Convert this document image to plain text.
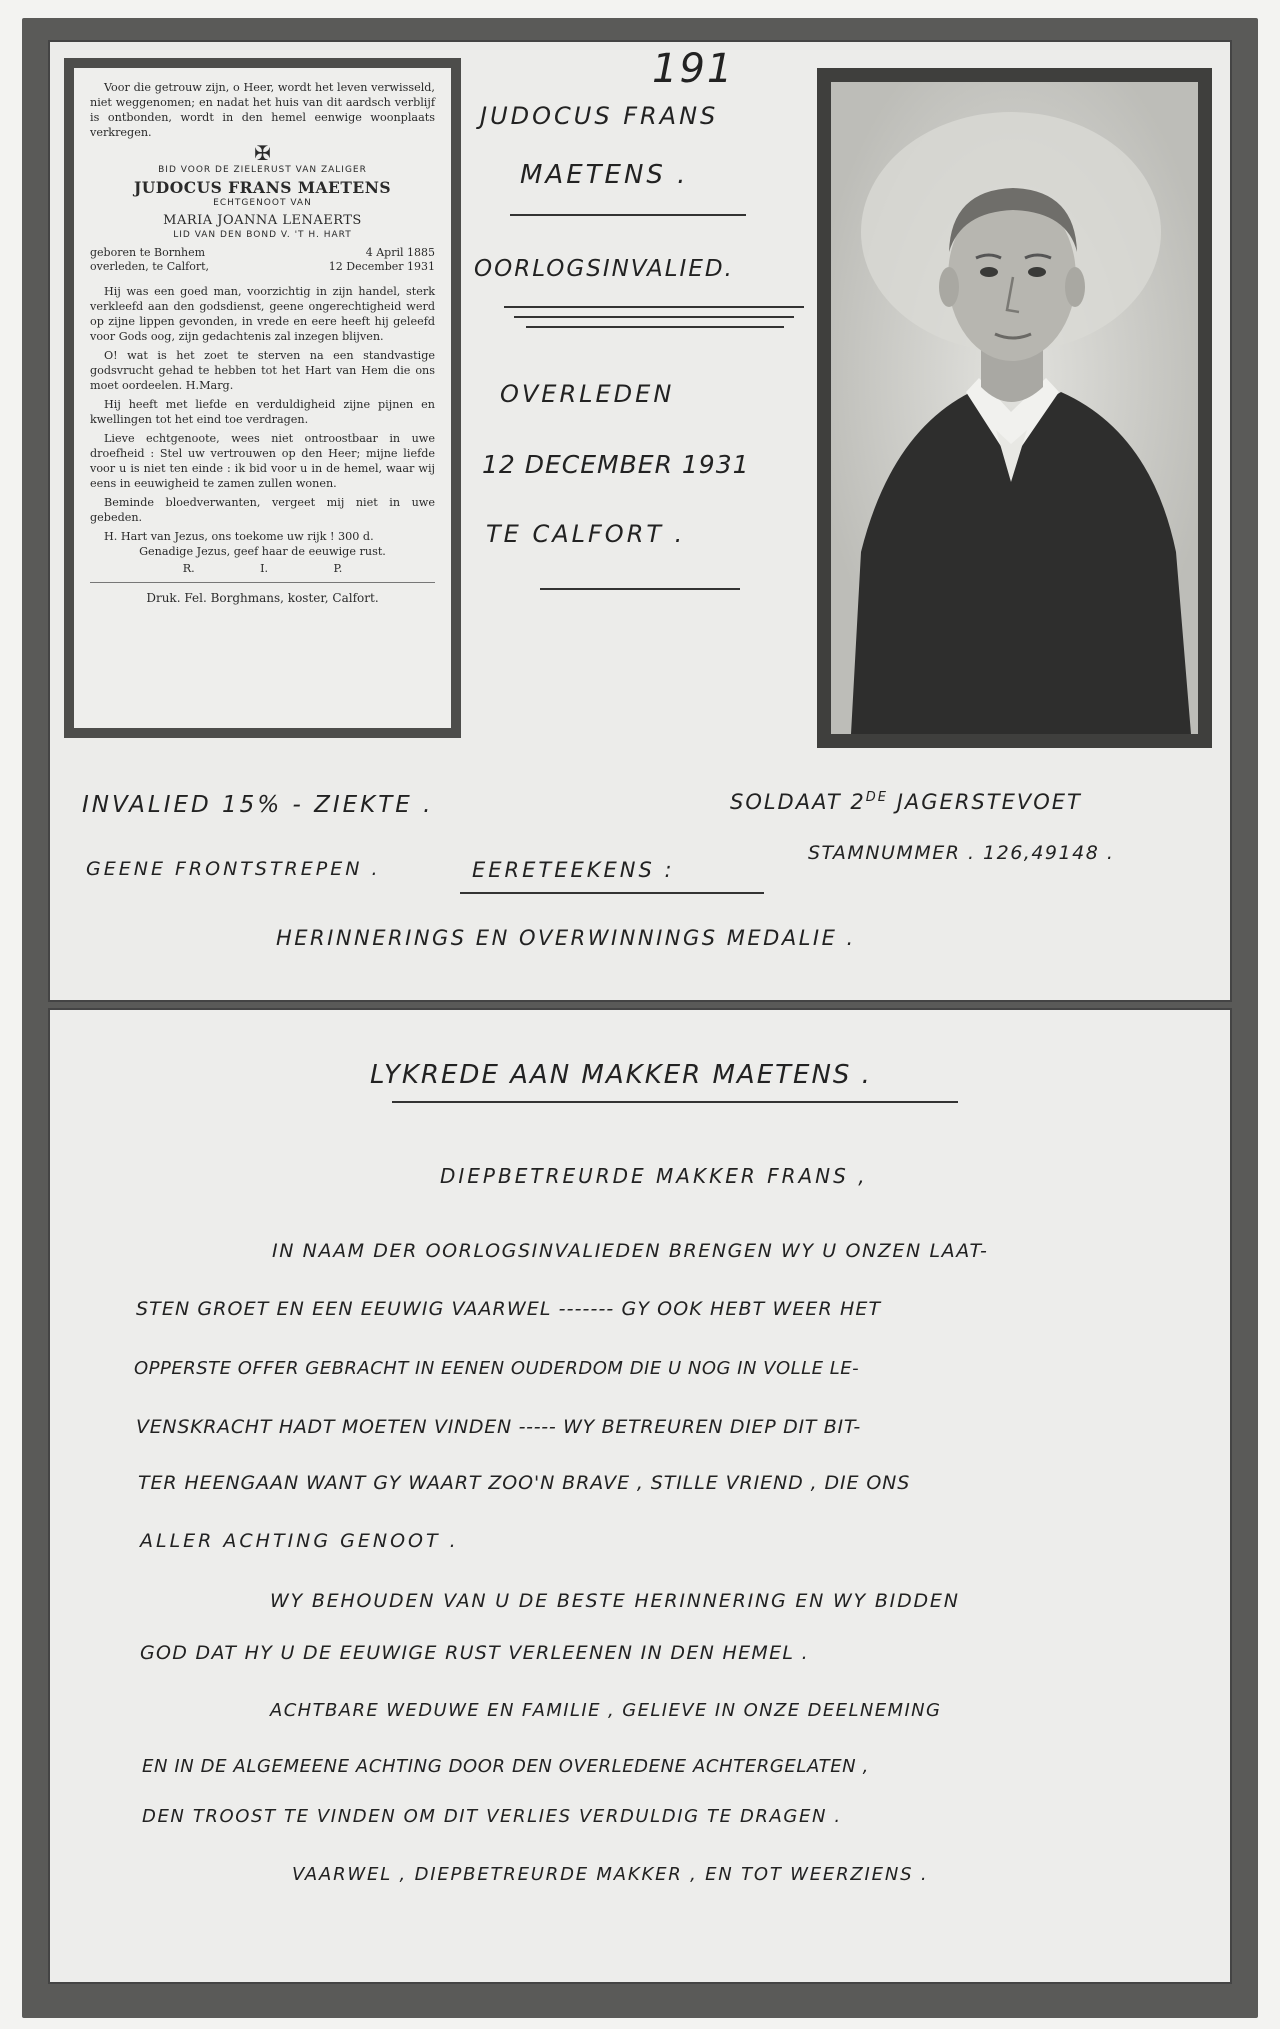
191

Voor die getrouw zijn, o Heer, wordt het leven verwisseld, niet weggenomen; en nadat het huis van dit aardsch verblijf is ontbonden, wordt in den hemel eenwige woonplaats verkregen.

✠
BID VOOR DE ZIELERUST VAN ZALIGER
JUDOCUS FRANS MAETENS
ECHTGENOOT VAN
MARIA JOANNA LENAERTS
LID VAN DEN BOND V. 'T H. HART
geboren te Bornhem	4 April 1885
overleden, te Calfort,	12 December 1931

Hij was een goed man, voorzichtig in zijn handel, sterk verkleefd aan den godsdienst, geene ongerechtigheid werd op zijne lippen gevonden, in vrede en eere heeft hij geleefd voor Gods oog, zijn gedachtenis zal inzegen blijven.

O! wat is het zoet te sterven na een standvastige godsvrucht gehad te hebben tot het Hart van Hem die ons moet oordeelen. H.Marg.

Hij heeft met liefde en verduldigheid zijne pijnen en kwellingen tot het eind toe verdragen.

Lieve echtgenoote, wees niet ontroostbaar in uwe droefheid : Stel uw vertrouwen op den Heer; mijne liefde voor u is niet ten einde : ik bid voor u in de hemel, waar wij eens in eeuwigheid te zamen zullen wonen.

Beminde bloedverwanten, vergeet mij niet in uwe gebeden.

H. Hart van Jezus, ons toekome uw rijk ! 300 d.

Genadige Jezus, geef haar de eeuwige rust.

R.	I.	P.
Druk. Fel. Borghmans, koster, Calfort.
JUDOCUS FRANS
MAETENS .
OORLOGSINVALIED.
OVERLEDEN
12 DECEMBER 1931
TE CALFORT .
INVALIED 15% - ZIEKTE .	SOLDAAT 2DE JAGERSTEVOET
GEENE FRONTSTREPEN .	EERETEEKENS :
STAMNUMMER . 126,49148 .
HERINNERINGS EN OVERWINNINGS MEDALIE .
LYKREDE AAN MAKKER MAETENS .
DIEPBETREURDE MAKKER FRANS ,
IN NAAM DER OORLOGSINVALIEDEN BRENGEN WY U ONZEN LAAT-
STEN GROET EN EEN EEUWIG VAARWEL ------- GY OOK HEBT WEER HET
OPPERSTE OFFER GEBRACHT IN EENEN OUDERDOM DIE U NOG IN VOLLE LE-
VENSKRACHT HADT MOETEN VINDEN ----- WY BETREUREN DIEP DIT BIT-
TER HEENGAAN WANT GY WAART ZOO'N BRAVE , STILLE VRIEND , DIE ONS
ALLER ACHTING GENOOT .
WY BEHOUDEN VAN U DE BESTE HERINNERING EN WY BIDDEN
GOD DAT HY U DE EEUWIGE RUST VERLEENEN IN DEN HEMEL .
ACHTBARE WEDUWE EN FAMILIE , GELIEVE IN ONZE DEELNEMING
EN IN DE ALGEMEENE ACHTING DOOR DEN OVERLEDENE ACHTERGELATEN ,
DEN TROOST TE VINDEN OM DIT VERLIES VERDULDIG TE DRAGEN .
VAARWEL , DIEPBETREURDE MAKKER , EN TOT WEERZIENS .
